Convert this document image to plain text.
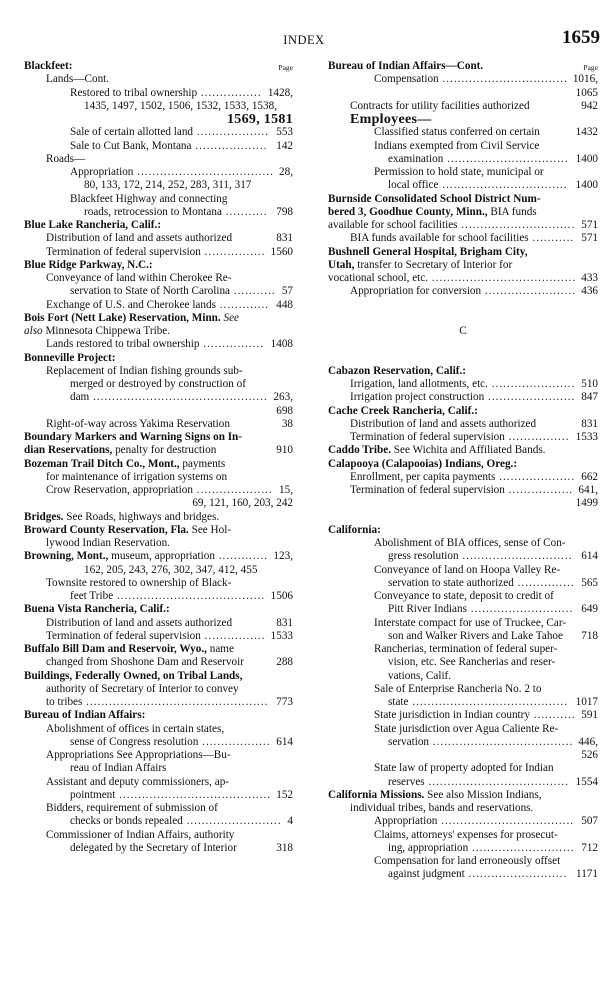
INDEX	1659
Blackfeet:	Page
Lands—Cont.
Restored to tribal ownership ................ 1428,
1435, 1497, 1502, 1506, 1532, 1533, 1538,
1569, 1581
Sale of certain allotted land ................... 553
Sale to Cut Bank, Montana ................... 142
Roads—
Appropriation .................................... 28,
80, 133, 172, 214, 252, 283, 311, 317
Blackfeet Highway and connecting
roads, retrocession to Montana ........... 798
Blue Lake Rancheria, Calif.:
Distribution of land and assets authorized	831
Termination of federal supervision ................ 1560
Blue Ridge Parkway, N.C.:
Conveyance of land within Cherokee Re-
servation to State of North Carolina ........... 57
Exchange of U.S. and Cherokee lands ............. 448
Bois Fort (Nett Lake) Reservation, Minn. See
also Minnesota Chippewa Tribe.
Lands restored to tribal ownership ................ 1408
Bonneville Project:
Replacement of Indian fishing grounds sub-
merged or destroyed by construction of
dam .............................................. 263,
698
Right-of-way across Yakima Reservation	38
Boundary Markers and Warning Signs on In-
dian Reservations, penalty for destruction	910
Bozeman Trail Ditch Co., Mont., payments
for maintenance of irrigation systems on
Crow Reservation, appropriation .................... 15,
69, 121, 160, 203, 242
Bridges. See Roads, highways and bridges.
Broward County Reservation, Fla. See Hol-
lywood Indian Reservation.
Browning, Mont., museum, appropriation ............. 123,
162, 205, 243, 276, 302, 347, 412, 455
Townsite restored to ownership of Black-
feet Tribe ....................................... 1506
Buena Vista Rancheria, Calif.:
Distribution of land and assets authorized	831
Termination of federal supervision ................ 1533
Buffalo Bill Dam and Reservoir, Wyo., name
changed from Shoshone Dam and Reservoir	288
Buildings, Federally Owned, on Tribal Lands,
authority of Secretary of Interior to convey
to tribes ................................................ 773
Bureau of Indian Affairs:
Abolishment of offices in certain states,
sense of Congress resolution .................. 614
Appropriations See Appropriations—Bu-
reau of Indian Affairs
Assistant and deputy commissioners, ap-
pointment ........................................ 152
Bidders, requirement of submission of
checks or bonds repealed ......................... 4
Commissioner of Indian Affairs, authority
delegated by the Secretary of Interior	318
Bureau of Indian Affairs—Cont.	Page
Compensation ................................. 1016,
1065
Contracts for utility facilities authorized	942
Employees—
Classified status conferred on certain	1432
Indians exempted from Civil Service
examination ................................ 1400
Permission to hold state, municipal or
local office ................................. 1400
Burnside Consolidated School District Num-
bered 3, Goodhue County, Minn., BIA funds
available for school facilities .............................. 571
BIA funds available for school facilities ........... 571
Bushnell General Hospital, Brigham City,
Utah, transfer to Secretary of Interior for
vocational school, etc. ...................................... 433
Appropriation for conversion ........................ 436
C
Cabazon Reservation, Calif.:
Irrigation, land allotments, etc. ...................... 510
Irrigation project construction ....................... 847
Cache Creek Rancheria, Calif.:
Distribution of land and assets authorized	831
Termination of federal supervision ................ 1533
Caddo Tribe. See Wichita and Affiliated Bands.
Calapooya (Calapooias) Indians, Oreg.:
Enrollment, per capita payments .................... 662
Termination of federal supervision ................. 641,
1499
California:
Abolishment of BIA offices, sense of Con-
gress resolution ............................. 614
Conveyance of land on Hoopa Valley Re-
servation to state authorized ............... 565
Conveyance to state, deposit to credit of
Pitt River Indians ........................... 649
Interstate compact for use of Truckee, Car-
son and Walker Rivers and Lake Tahoe 718
Rancherias, termination of federal super-
vision, etc. See Rancherias and reser-
vations, Calif.
Sale of Enterprise Rancheria No. 2 to
state ......................................... 1017
State jurisdiction in Indian country ........... 591
State jurisdiction over Agua Caliente Re-
servation ..................................... 446,
526
State law of property adopted for Indian
reserves ..................................... 1554
California Missions. See also Mission Indians,
individual tribes, bands and reservations.
Appropriation ................................... 507
Claims, attorneys' expenses for prosecut-
ing, appropriation ........................... 712
Compensation for land erroneously offset
against judgment .......................... 1171
